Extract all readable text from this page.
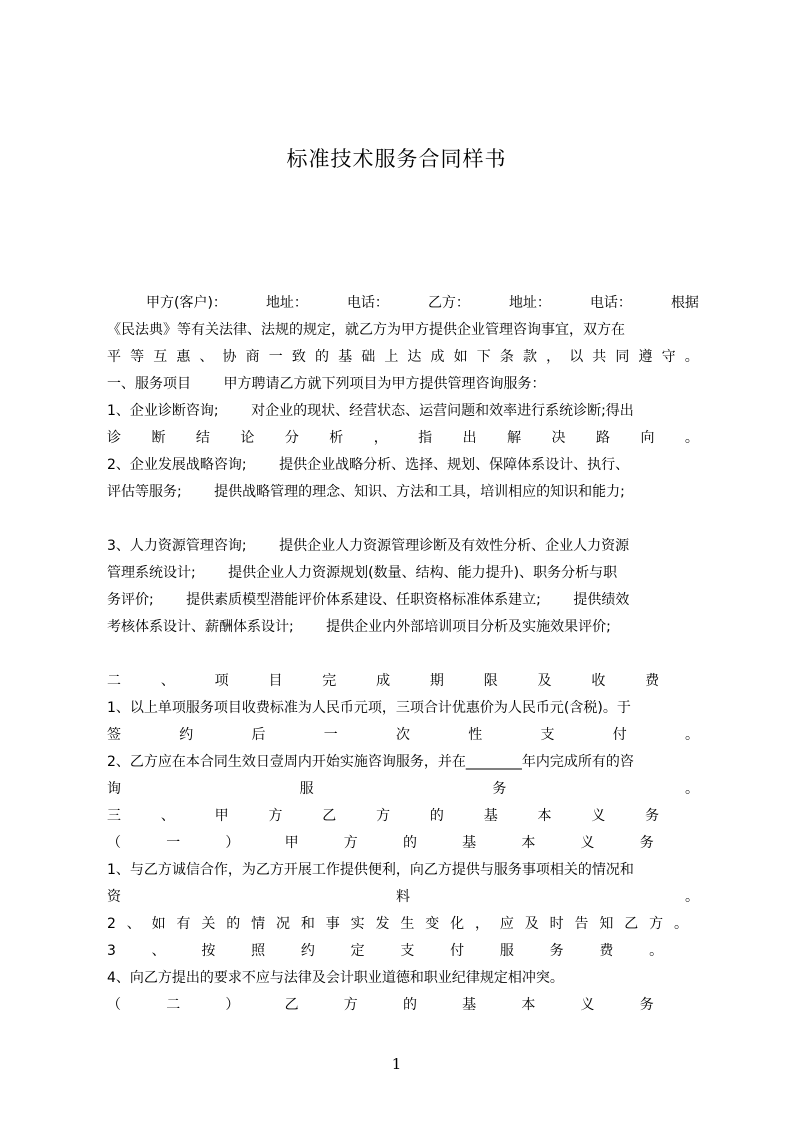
标准技术服务合同样书
甲方(客户)：	地址：	电话：	乙方：	地址：	电话：	根据
《民法典》等有关法律、法规的规定，就乙方为甲方提供企业管理咨询事宜，双方在
平 等 互 惠 、 协 商 一 致 的 基 础 上 达 成 如 下 条 款 ， 以 共 同 遵 守 。
一、服务项目　　 甲方聘请乙方就下列项目为甲方提供管理咨询服务：
1、企业诊断咨询;　　 对企业的现状、经营状态、运营问题和效率进行系统诊断;得出
诊 断 结 论 分 析 ， 指 出 解 决 路 向 。
2、企业发展战略咨询;　　 提供企业战略分析、选择、规划、保障体系设计、执行、
评估等服务;　　 提供战略管理的理念、知识、方法和工具，培训相应的知识和能力;
3、人力资源管理咨询;　　 提供企业人力资源管理诊断及有效性分析、企业人力资源
管理系统设计;　　 提供企业人力资源规划(数量、结构、能力提升)、职务分析与职
务评价;　　 提供素质模型潜能评价体系建设、任职资格标准体系建立;　　 提供绩效
考核体系设计、薪酬体系设计;　　 提供企业内外部培训项目分析及实施效果评价;
二	、	项	目	完	成	期	限	及	收	费
1、以上单项服务项目收费标准为人民币元项，三项合计优惠价为人民币元(含税)。于
签	约	后	一	次	性	支	付	。
2、乙方应在本合同生效日壹周内开始实施咨询服务，并在________年内完成所有的咨
询	服	务	。
三	、	甲	方	乙	方	的	基	本	义	务
（	一	）	甲	方	的	基	本	义	务
1、与乙方诚信合作，为乙方开展工作提供便利，向乙方提供与服务事项相关的情况和
资	料	。
2 、 如 有 关 的 情 况 和 事 实 发 生 变 化 ， 应 及 时 告 知 乙 方 。
3	、	按	照	约	定	支	付	服	务	费	。
4、向乙方提出的要求不应与法律及会计职业道德和职业纪律规定相冲突。
（	二	）	乙	方	的	基	本	义	务
1
